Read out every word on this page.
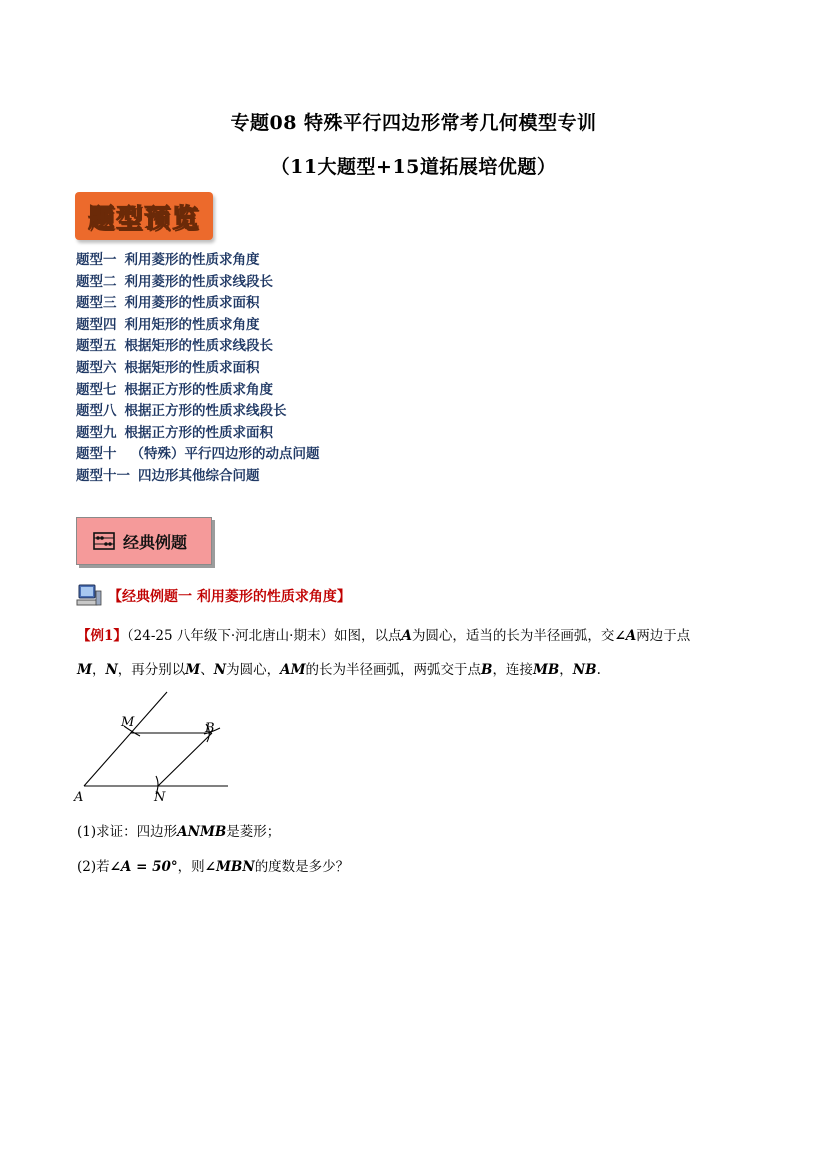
专题08 特殊平行四边形常考几何模型专训
（11大题型+15道拓展培优题）
题型预览
题型一 利用菱形的性质求角度
题型二 利用菱形的性质求线段长
题型三 利用菱形的性质求面积
题型四 利用矩形的性质求角度
题型五 根据矩形的性质求线段长
题型六 根据矩形的性质求面积
题型七 根据正方形的性质求角度
题型八 根据正方形的性质求线段长
题型九 根据正方形的性质求面积
题型十 （特殊）平行四边形的动点问题
题型十一 四边形其他综合问题
经典例题
【经典例题一 利用菱形的性质求角度】
【例1】（24-25 八年级下·河北唐山·期末）如图，以点A为圆心，适当的长为半径画弧，交∠A两边于点
M，N，再分别以M、N为圆心，AM的长为半径画弧，两弧交于点B，连接MB，NB.
A	N
M	B
(1)求证：四边形ANMB是菱形；
(2)若∠A = 50°，则∠MBN的度数是多少？
